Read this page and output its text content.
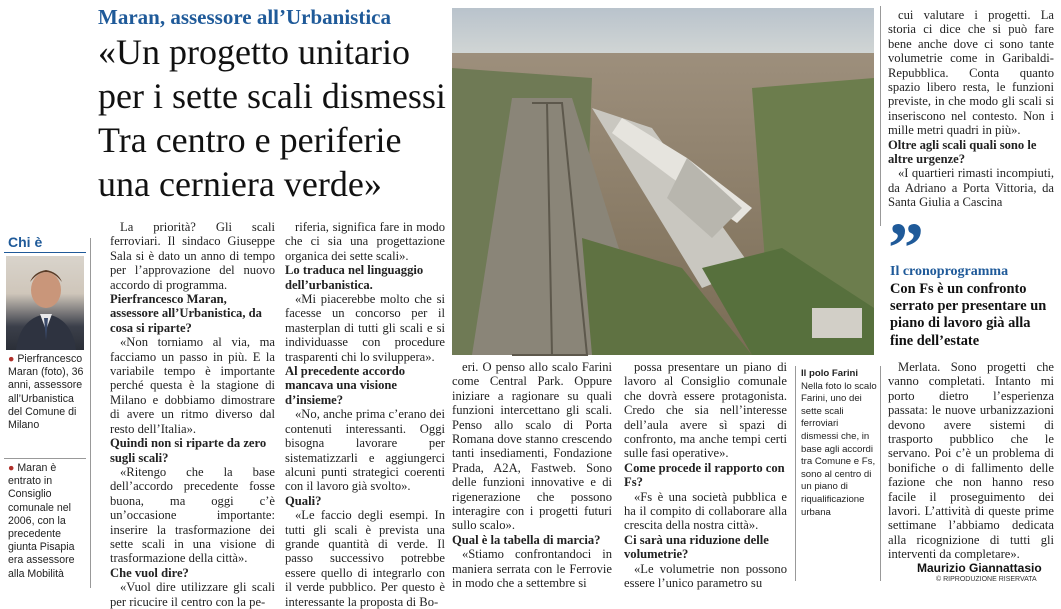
Maran, assessore all’Urbanistica
«Un progetto unitario
per i sette scali dismessi
Tra centro e periferie
una cerniera verde»
Chi è
● Pierfrancesco Maran (foto), 36 anni, assessore all’Urbanistica del Comune di Milano
● Maran è entrato in Consiglio comunale nel 2006, con la precedente giunta Pisapia era assessore alla Mobilità

La priorità? Gli scali ferroviari. Il sindaco Giuseppe Sala si è dato un anno di tempo per l’approvazione del nuovo accordo di programma.

Pierfrancesco Maran, assessore all’Urbanistica, da cosa si riparte?

«Non torniamo al via, ma facciamo un passo in più. E la variabile tempo è importante perché questa è la stagione di Milano e dobbiamo dimostrare di avere un ritmo diverso dal resto dell’Italia».

Quindi non si riparte da zero sugli scali?

«Ritengo che la base dell’accordo precedente fosse buona, ma oggi c’è un’occasione importante: inserire la trasformazione dei sette scali in una visione di trasformazione della città».

Che vuol dire?

«Vuol dire utilizzare gli scali per ricucire il centro con la pe-

riferia, significa fare in modo che ci sia una progettazione organica dei sette scali».

Lo traduca nel linguaggio dell’urbanistica.

«Mi piacerebbe molto che si facesse un concorso per il masterplan di tutti gli scali e si individuasse con procedure trasparenti chi lo sviluppera».

Al precedente accordo mancava una visione d’insieme?

«No, anche prima c’erano dei contenuti interessanti. Oggi bisogna lavorare per sistematizzarli e aggiungerci alcuni punti strategici coerenti con il lavoro già svolto».

Quali?

«Le faccio degli esempi. In tutti gli scali è prevista una grande quantità di verde. Il passo successivo potrebbe essere quello di integrarlo con il verde pubblico. Per questo è interessante la proposta di Bo-

eri. O penso allo scalo Farini come Central Park. Oppure iniziare a ragionare su quali funzioni intercettano gli scali. Penso allo scalo di Porta Romana dove stanno crescendo tanti insediamenti, Fondazione Prada, A2A, Fastweb. Sono delle funzioni innovative e di rigenerazione che possono interagire con i progetti futuri sullo scalo».

Qual è la tabella di marcia?

«Stiamo confrontandoci in maniera serrata con le Ferrovie in modo che a settembre si

possa presentare un piano di lavoro al Consiglio comunale che dovrà essere protagonista. Credo che sia nell’interesse dell’aula avere sì spazi di confronto, ma anche tempi certi sulle fasi operative».

Come procede il rapporto con Fs?

«Fs è una società pubblica e ha il compito di collaborare alla crescita della nostra città».

Ci sarà una riduzione delle volumetrie?

«Le volumetrie non possono essere l’unico parametro su

cui valutare i progetti. La storia ci dice che si può fare bene anche dove ci sono tante volumetrie come in Garibaldi-Repubblica. Conta quanto spazio libero resta, le funzioni previste, in che modo gli scali si inseriscono nel contesto. Non i mille metri quadri in più».

Oltre agli scali quali sono le altre urgenze?

«I quartieri rimasti incompiuti, da Adriano a Porta Vittoria, da Santa Giulia a Cascina

Merlata. Sono progetti che vanno completati. Intanto mi porto dietro l’esperienza passata: le nuove urbanizzazioni devono avere sistemi di trasporto pubblico che le servano. Poi c’è un problema di bonifiche o di fallimento delle fazione che non hanno reso facile il proseguimento dei lavori. L’attività di queste prime settimane l’abbiamo dedicata alla ricognizione di tutti gli interventi da completare».

Il polo Farini
Nella foto lo scalo Farini, uno dei sette scali ferroviari dismessi che, in base agli accordi tra Comune e Fs, sono al centro di un piano di riqualificazione urbana
”
Il cronoprogramma
Con Fs è un confronto serrato per presentare un piano di lavoro già alla fine dell’estate
Maurizio Giannattasio
© RIPRODUZIONE RISERVATA
